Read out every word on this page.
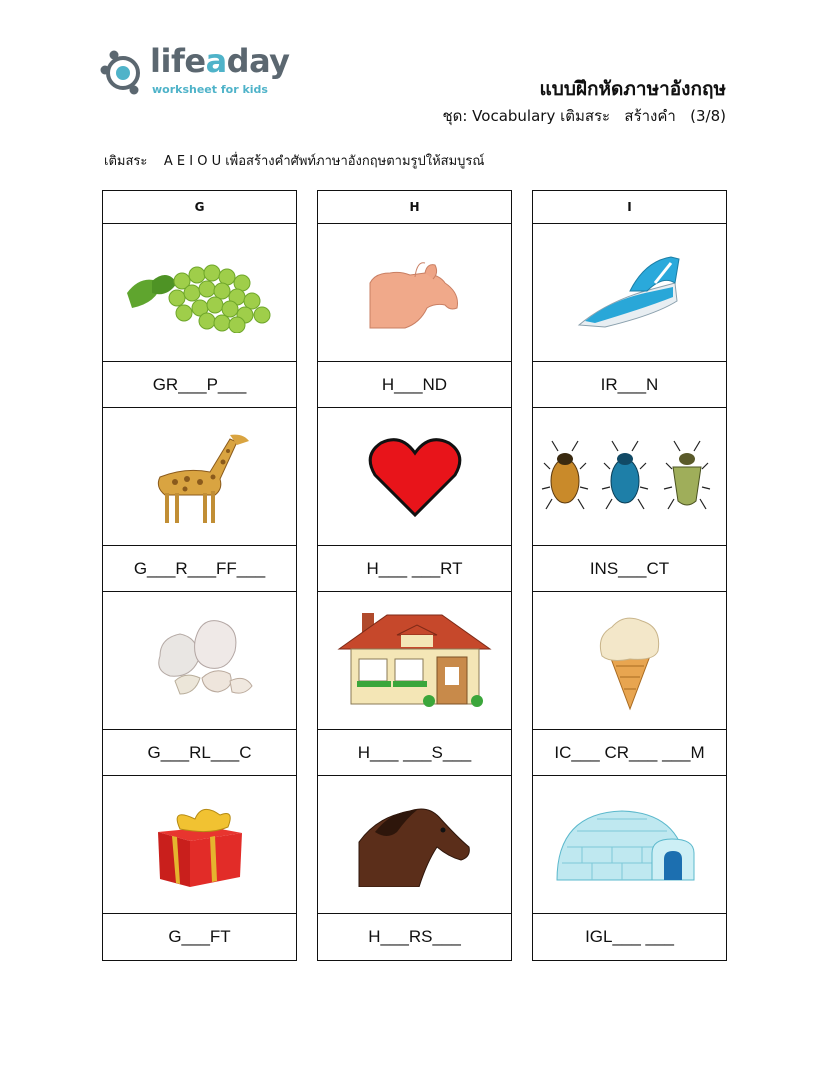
lifeaday
worksheet for kids	แบบฝึกหัดภาษาอังกฤษ
ชุด: Vocabulary เติมสระ   สร้างคำ   (3/8)
เติมสระ    A E I O U เพื่อสร้างคำศัพท์ภาษาอังกฤษตามรูปให้สมบูรณ์
G
GR___P___
G___R___FF___
G___RL___C
G___FT
H
H___ND
H___ ___RT
H___ ___S___
H___RS___
I
IR___N
INS___CT
IC___ CR___ ___M
IGL___ ___
